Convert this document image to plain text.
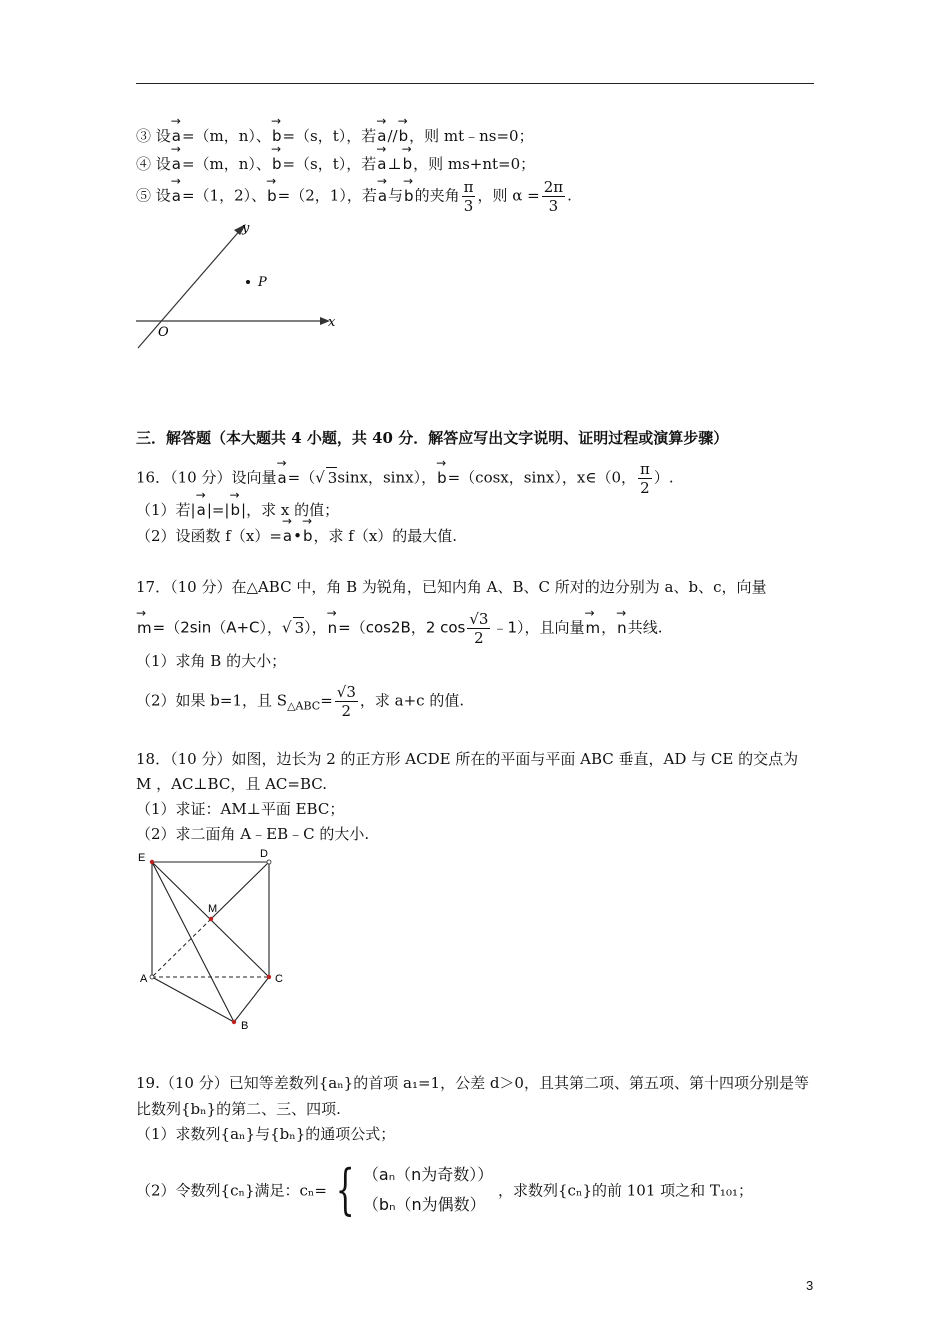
③ 设→ a=（m，n）、→ b=（s，t），若→ a//→ b，则 mt﹣ns=0；
④ 设→ a=（m，n）、→ b=（s，t），若→ a⊥→ b，则 ms+nt=0；
⑤ 设→ a=（1，2）、→ b=（2，1），若→ a与→ b的夹角 $\frac{\pi}{3}$ ，则 $\alpha = \frac{2\pi}{3}$ .
y
x
O
P
三．解答题（本大题共 4 小题，共 40 分．解答应写出文字说明、证明过程或演算步骤）
16．（10 分）设向量→ a=（√ 3sinx，sinx），→ b=（cosx，sinx），x∈（0， $\frac{\pi}{2}$ ）.
（1）若|→ a|=|→ b|，求 x 的值；
（2）设函数 f（x）=→ a•→ b，求 f（x）的最大值.
17．（10 分）在△ABC 中，角 B 为锐角，已知内角 A、B、C 所对的边分别为 a、b、c，向量
→ m=（2sin（A+C），√ 3），→ n=（cos2B，2 $\cos \frac{√3}{2}$ ﹣1），且向量→ m，→ n共线.
（1）求角 B 的大小；
（2）如果 b=1，且 $S_{\triangle ABC}= \frac{√3}{2}$ ，求 a+c 的值.
18．（10 分）如图，边长为 2 的正方形 ACDE 所在的平面与平面 ABC 垂直，AD 与 CE 的交点为
M ，AC⊥BC，且 AC=BC.
（1）求证：AM⊥平面 EBC；
（2）求二面角 A﹣EB﹣C 的大小.
E	D
M
A	C
B
19.（10 分）已知等差数列{aₙ}的首项 a₁=1，公差 d＞0，且其第二项、第五项、第十四项分别是等
比数列{bₙ}的第二、三、四项.
（1）求数列{aₙ}与{bₙ}的通项公式；
（2）令数列{cₙ}满足：cₙ= { （aₙ（n为奇数））
（bₙ（n为偶数）
，求数列{cₙ}的前 101 项之和 T₁₀₁；
3
